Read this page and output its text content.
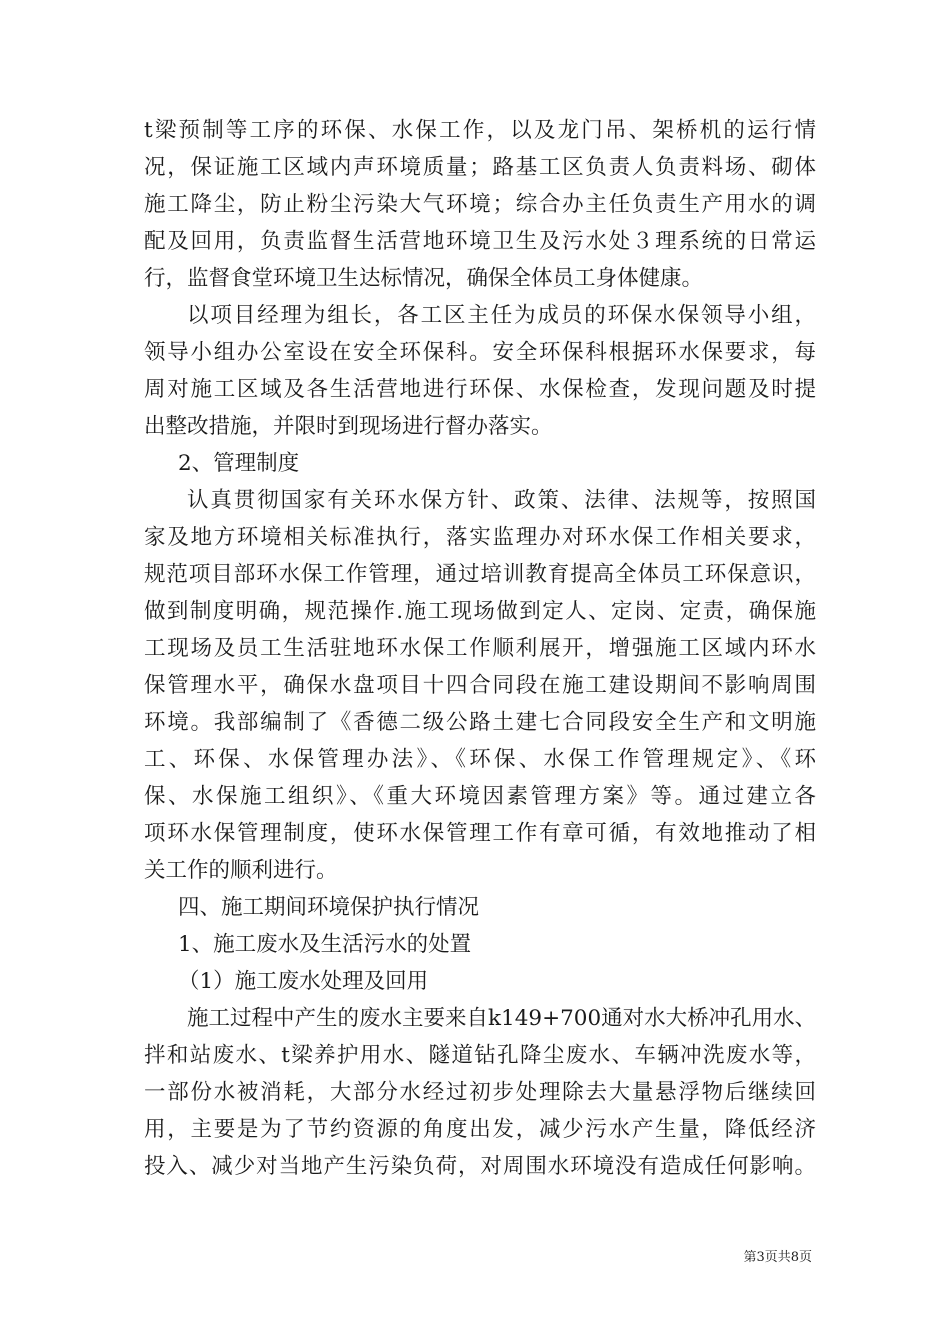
t梁预制等工序的环保、水保工作，以及龙门吊、架桥机的运行情
况，保证施工区域内声环境质量；路基工区负责人负责料场、砌体
施工降尘，防止粉尘污染大气环境；综合办主任负责生产用水的调
配及回用，负责监督生活营地环境卫生及污水处３理系统的日常运
行，监督食堂环境卫生达标情况，确保全体员工身体健康。
以项目经理为组长，各工区主任为成员的环保水保领导小组，
领导小组办公室设在安全环保科。安全环保科根据环水保要求，每
周对施工区域及各生活营地进行环保、水保检查，发现问题及时提
出整改措施，并限时到现场进行督办落实。
2、管理制度
认真贯彻国家有关环水保方针、政策、法律、法规等，按照国
家及地方环境相关标准执行，落实监理办对环水保工作相关要求，
规范项目部环水保工作管理，通过培训教育提高全体员工环保意识，
做到制度明确，规范操作.施工现场做到定人、定岗、定责，确保施
工现场及员工生活驻地环水保工作顺利展开，增强施工区域内环水
保管理水平，确保水盘项目十四合同段在施工建设期间不影响周围
环境。我部编制了《香德二级公路土建七合同段安全生产和文明施
工、环保、水保管理办法》、《环保、水保工作管理规定》、《环
保、水保施工组织》、《重大环境因素管理方案》等。通过建立各
项环水保管理制度，使环水保管理工作有章可循，有效地推动了相
关工作的顺利进行。
四、施工期间环境保护执行情况
1、施工废水及生活污水的处置
（1）施工废水处理及回用
施工过程中产生的废水主要来自k149+700通对水大桥冲孔用水、
拌和站废水、t梁养护用水、隧道钻孔降尘废水、车辆冲洗废水等，
一部份水被消耗，大部分水经过初步处理除去大量悬浮物后继续回
用，主要是为了节约资源的角度出发，减少污水产生量，降低经济
投入、减少对当地产生污染负荷，对周围水环境没有造成任何影响。
第3页共8页
